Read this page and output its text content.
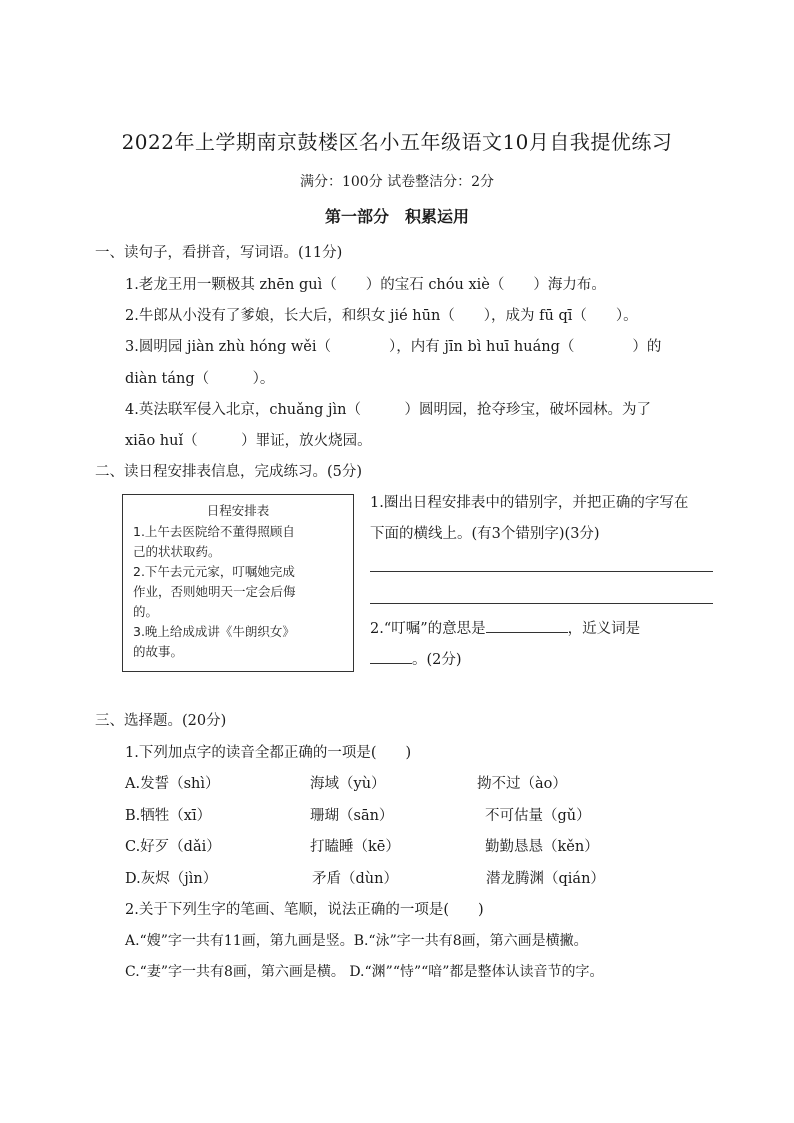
2022年上学期南京鼓楼区名小五年级语文10月自我提优练习
满分：100分 试卷整洁分：2分
第一部分　积累运用
一、读句子，看拼音，写词语。(11分)
1.老龙王用一颗极其 zhēn guì（　　）的宝石 chóu xiè（　　）海力布。
2.牛郎从小没有了爹娘，长大后，和织女 jié hūn（　　），成为 fū qī（　　）。
3.圆明园 jiàn zhù hóng wěi（　　　　），内有 jīn bì huī huáng（　　　　）的
diàn táng（　　　）。
4.英法联军侵入北京，chuǎng jìn（　　　）圆明园，抢夺珍宝，破坏园林。为了
xiāo huǐ（　　　）罪证，放火烧园。
二、读日程安排表信息，完成练习。(5分)
日程安排表

1.上午去医院给不董得照顾自

己的状状取药。

2.下午去元元家，叮嘱她完成

作业，否则她明天一定会后侮

的。

3.晚上给成成讲《牛朗织女》

的故事。

1.圈出日程安排表中的错别字，并把正确的字写在
下面的横线上。(有3个错别字)(3分)
2.“叮嘱”的意思是	，近义词是
。(2分)
三、选择题。(20分)
1.下列加点字的读音全都正确的一项是(　　)
A.发誓（shì）	海域（yù）	拗不过（ào）
B.牺牲（xī）	珊瑚（sān）	不可估量（gǔ）
C.好歹（dǎi）	打瞌睡（kē）	勤勤恳恳（kěn）
D.灰烬（jìn）	矛盾（dùn）	潜龙腾渊（qián）
2.关于下列生字的笔画、笔顺，说法正确的一项是(　　)
A.“嫂”字一共有11画，第九画是竖。B.“泳”字一共有8画，第六画是横撇。
C.“妻”字一共有8画，第六画是横。 D.“渊”“恃”“喑”都是整体认读音节的字。
